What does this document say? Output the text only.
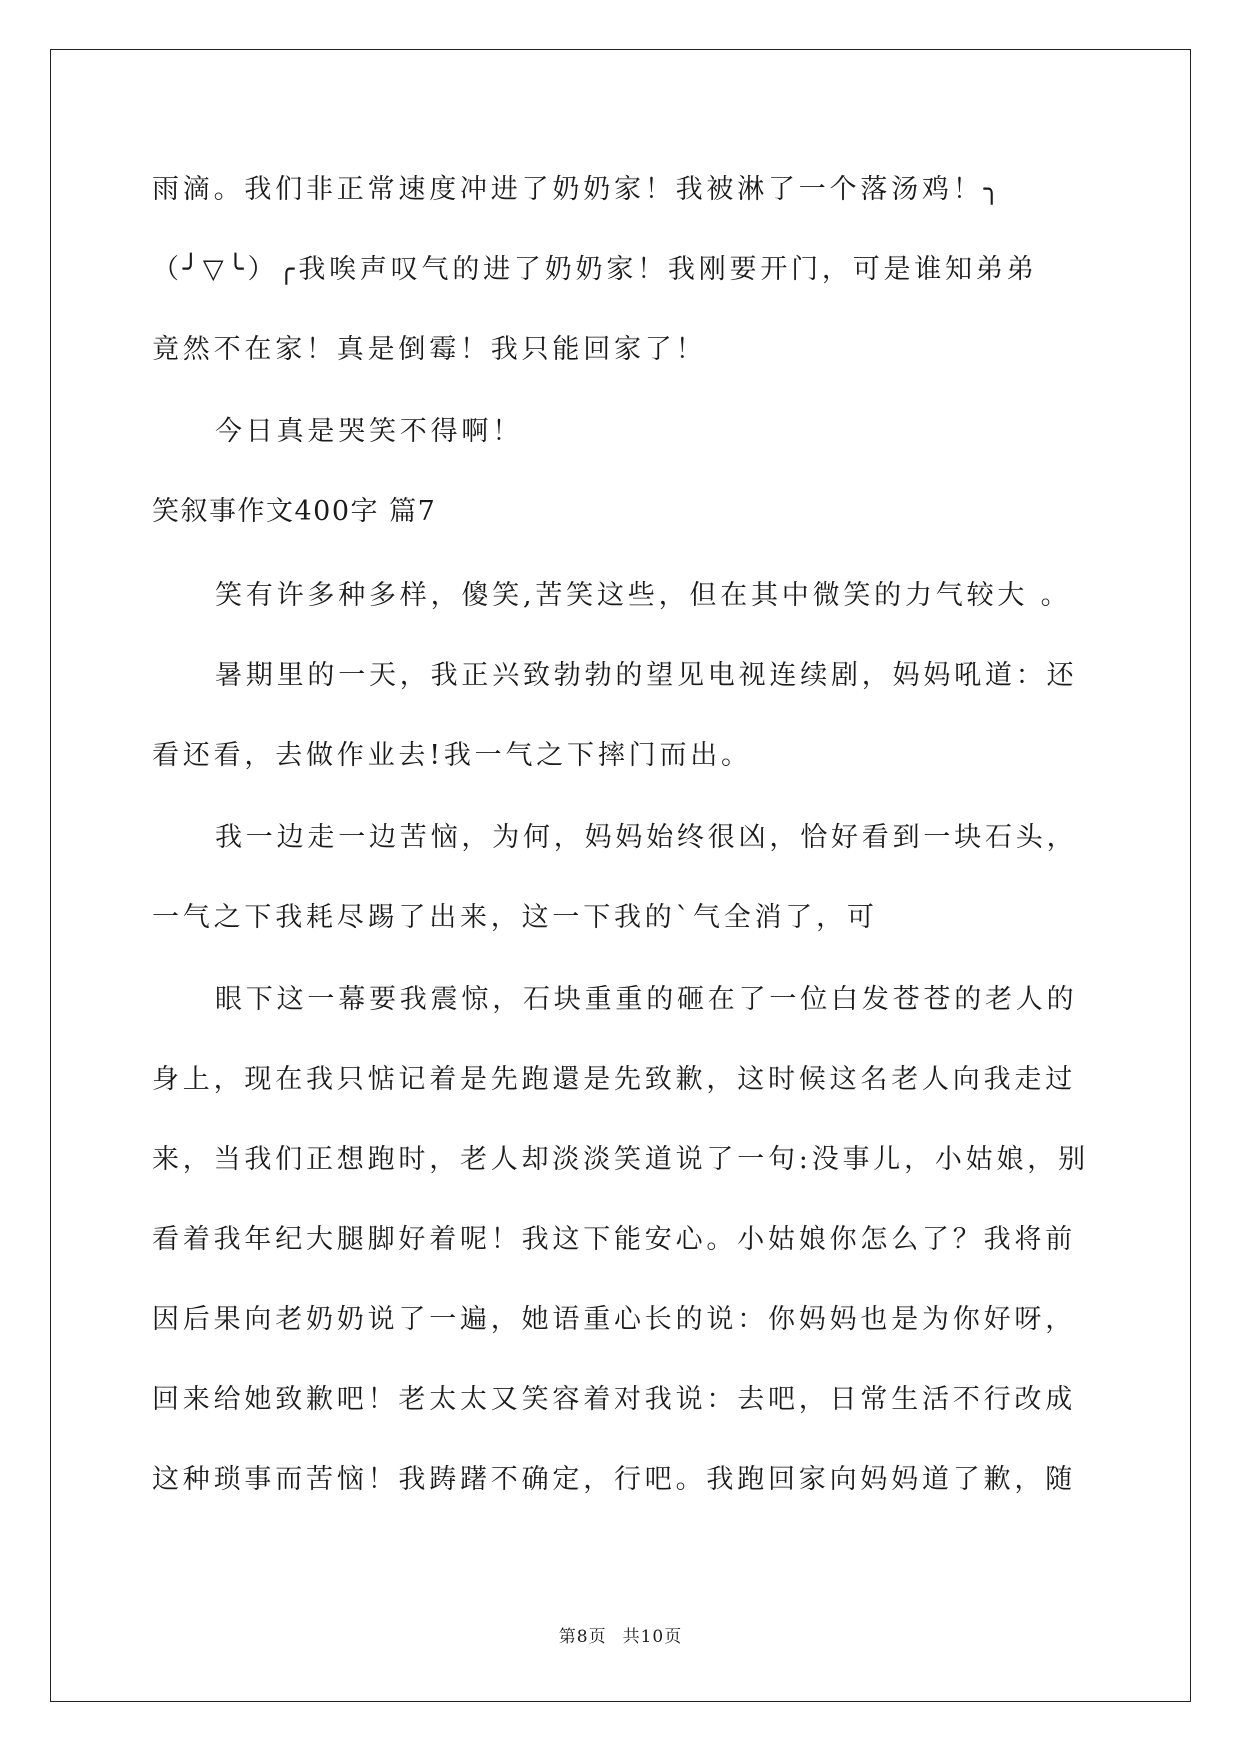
雨滴。我们非正常速度冲进了奶奶家！我被淋了一个落汤鸡！╮
（╯▽╰）╭我唉声叹气的进了奶奶家！我刚要开门，可是谁知弟弟
竟然不在家！真是倒霉！我只能回家了！
今日真是哭笑不得啊！
笑叙事作文400字 篇7
笑有许多种多样，傻笑,苦笑这些，但在其中微笑的力气较大 。
暑期里的一天，我正兴致勃勃的望见电视连续剧，妈妈吼道：还
看还看，去做作业去!我一气之下摔门而出。
我一边走一边苦恼，为何，妈妈始终很凶，恰好看到一块石头，
一气之下我耗尽踢了出来，这一下我的`气全消了，可
眼下这一幕要我震惊，石块重重的砸在了一位白发苍苍的老人的
身上，现在我只惦记着是先跑還是先致歉，这时候这名老人向我走过
来，当我们正想跑时，老人却淡淡笑道说了一句:没事儿，小姑娘，别
看着我年纪大腿脚好着呢！我这下能安心。小姑娘你怎么了？我将前
因后果向老奶奶说了一遍，她语重心长的说：你妈妈也是为你好呀，
回来给她致歉吧！老太太又笑容着对我说：去吧，日常生活不行改成
这种琐事而苦恼！我踌躇不确定，行吧。我跑回家向妈妈道了歉，随
第8页 共10页
